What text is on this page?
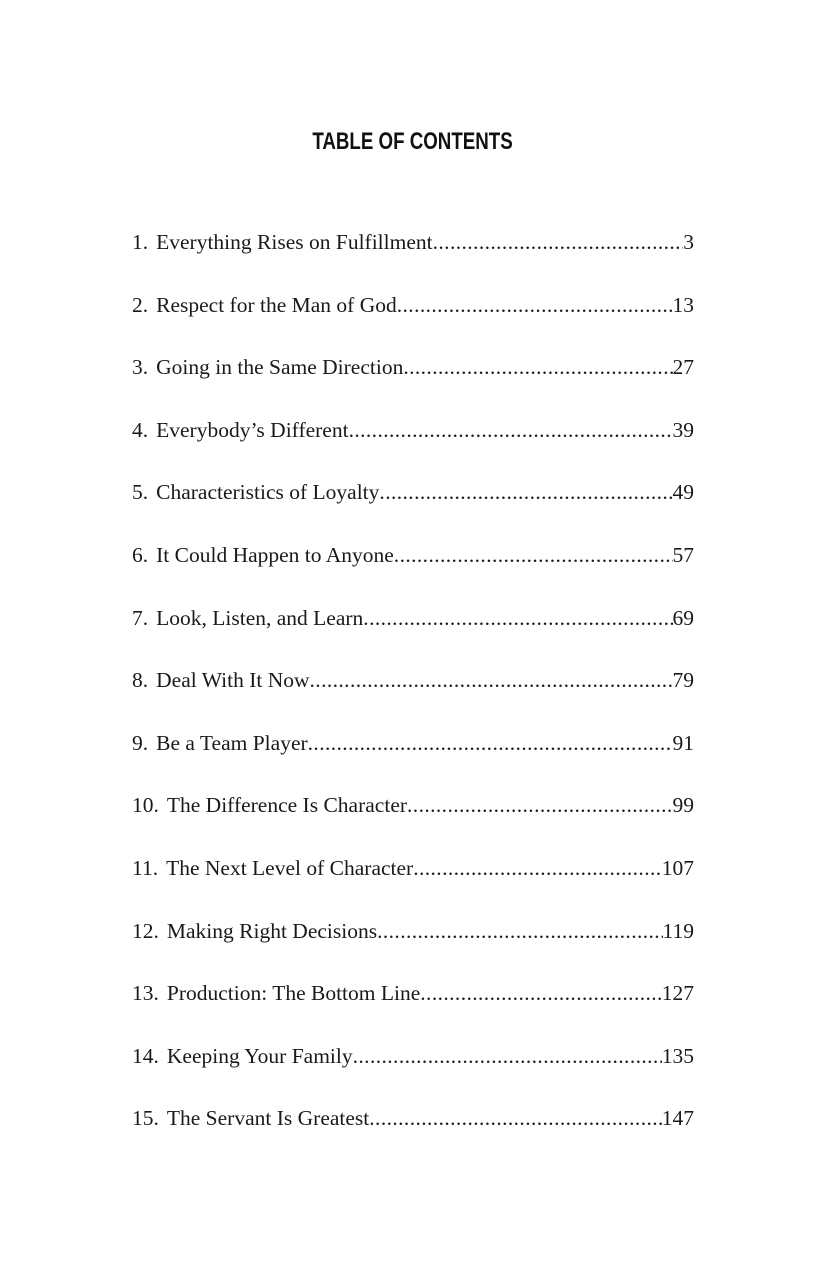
TABLE OF CONTENTS
1. Everything Rises on Fulfillment .....	3
2. Respect for the Man of God .....	13
3. Going in the Same Direction .....	27
4. Everybody’s Different .....	39
5. Characteristics of Loyalty .....	49
6. It Could Happen to Anyone .....	57
7. Look, Listen, and Learn .....	69
8. Deal With It Now .....	79
9. Be a Team Player .....	91
10. The Difference Is Character .....	99
11. The Next Level of Character .....	107
12. Making Right Decisions .....	119
13. Production: The Bottom Line .....	127
14. Keeping Your Family .....	135
15. The Servant Is Greatest .....	147
